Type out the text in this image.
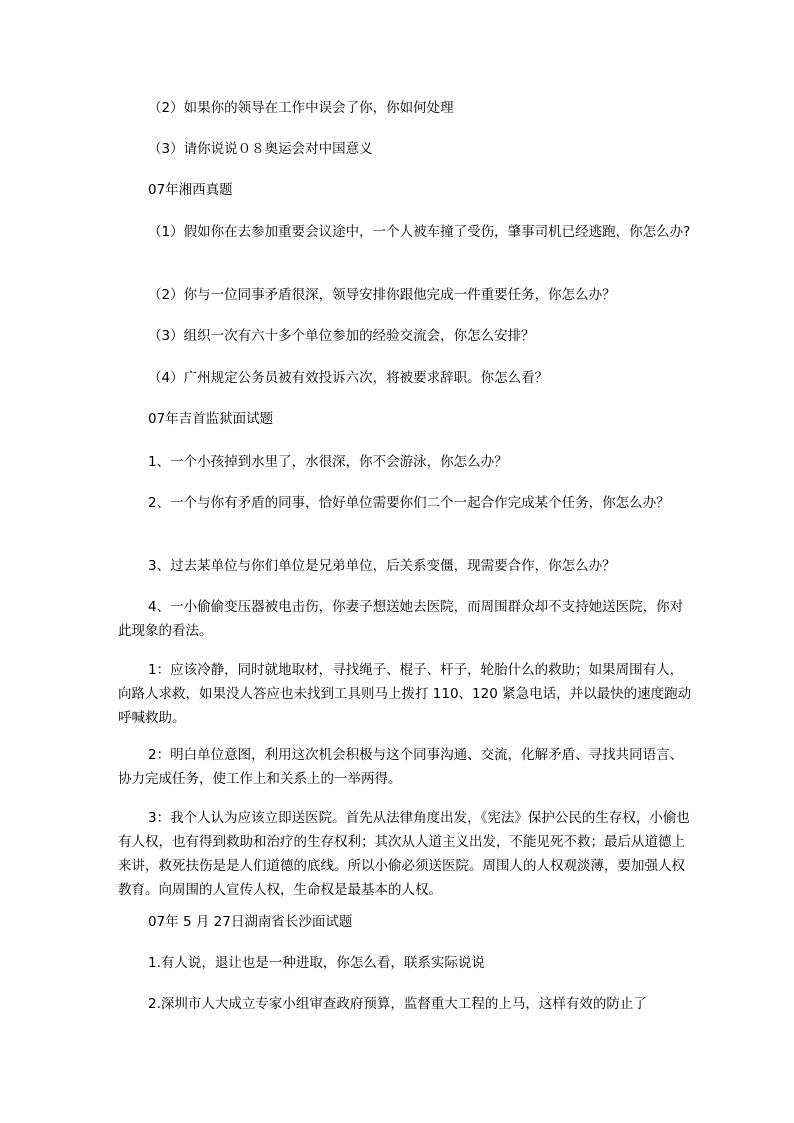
（2）如果你的领导在工作中误会了你，你如何处理

（3）请你说说０８奥运会对中国意义

07年湘西真题

（1）假如你在去参加重要会议途中，一个人被车撞了受伤，肇事司机已经逃跑，你怎么办?

（2）你与一位同事矛盾很深，领导安排你跟他完成一件重要任务，你怎么办？

（3）组织一次有六十多个单位参加的经验交流会，你怎么安排？

（4）广州规定公务员被有效投诉六次，将被要求辞职。你怎么看？

07年吉首监狱面试题

1、一个小孩掉到水里了，水很深，你不会游泳，你怎么办？

2、一个与你有矛盾的同事，恰好单位需要你们二个一起合作完成某个任务，你怎么办？

3、过去某单位与你们单位是兄弟单位，后关系变僵，现需要合作，你怎么办？

4、一小偷偷变压器被电击伤，你妻子想送她去医院，而周围群众却不支持她送医院，你对此现象的看法。

1：应该冷静，同时就地取材，寻找绳子、棍子、杆子，轮胎什么的救助；如果周围有人，向路人求救，如果没人答应也未找到工具则马上拨打 110、120 紧急电话，并以最快的速度跑动呼喊救助。

2：明白单位意图，利用这次机会积极与这个同事沟通、交流，化解矛盾、寻找共同语言、协力完成任务，使工作上和关系上的一举两得。

3：我个人认为应该立即送医院。首先从法律角度出发，《宪法》保护公民的生存权，小偷也有人权，也有得到救助和治疗的生存权利；其次从人道主义出发，不能见死不救；最后从道德上来讲，救死扶伤是是人们道德的底线。所以小偷必须送医院。周围人的人权观淡薄，要加强人权教育。向周围的人宣传人权，生命权是最基本的人权。

07年 5 月 27日湖南省长沙面试题

1.有人说，退让也是一种进取，你怎么看，联系实际说说

2.深圳市人大成立专家小组审查政府预算，监督重大工程的上马，这样有效的防止了
